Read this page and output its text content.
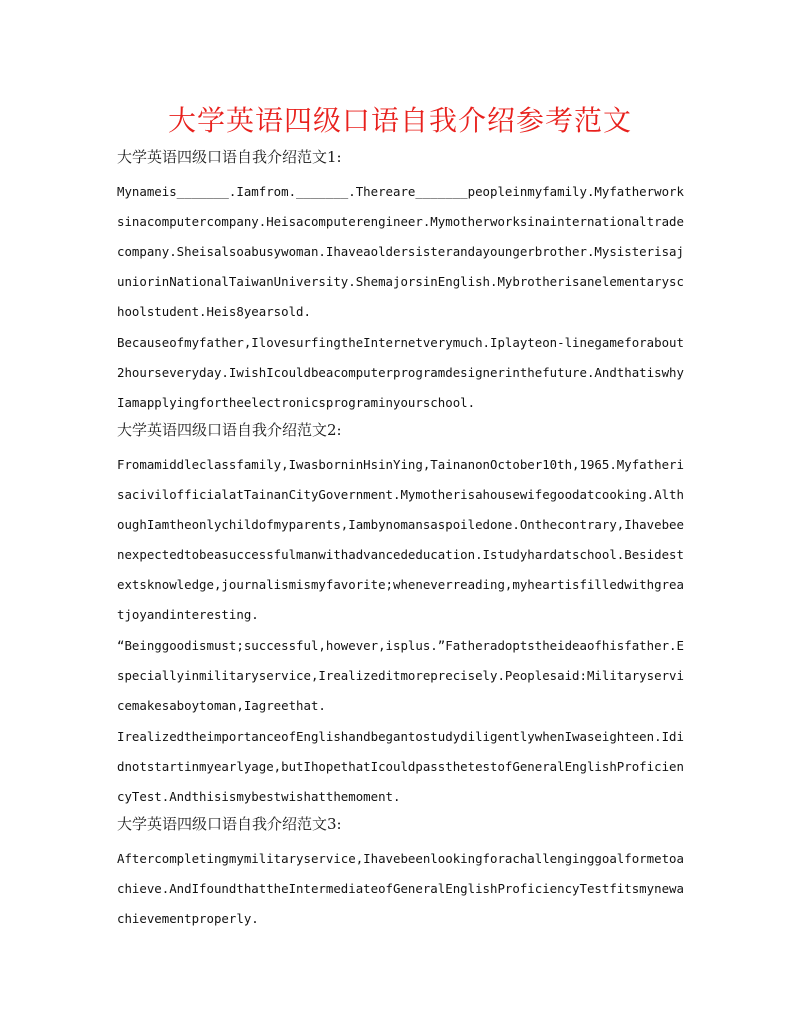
大学英语四级口语自我介绍参考范文
大学英语四级口语自我介绍范文1:

Mynameis_______.Iamfrom._______.Thereare_______peopleinmyfamily.Myfatherworksinacomputercompany.Heisacomputerengineer.Mymotherworksinainternationaltradecompany.Sheisalsoabusywoman.Ihaveaoldersisterandayoungerbrother.MysisterisajuniorinNationalTaiwanUniversity.ShemajorsinEnglish.Mybrotherisanelementaryschoolstudent.Heis8yearsold.

Becauseofmyfather,IlovesurfingtheInternetverymuch.Iplayteon-linegameforabout2hourseveryday.IwishIcouldbeacomputerprogramdesignerinthefuture.AndthatiswhyIamapplyingfortheelectronicsprograminyourschool.

大学英语四级口语自我介绍范文2:

Fromamiddleclassfamily,IwasborninHsinYing,TainanonOctober10th,1965.MyfatherisacivilofficialatTainanCityGovernment.Mymotherisahousewifegoodatcooking.AlthoughIamtheonlychildofmyparents,Iambynomansaspoiledone.Onthecontrary,Ihavebeenexpectedtobeasuccessfulmanwithadvancededucation.Istudyhardatschool.Besidestextsknowledge,journalismismyfavorite;wheneverreading,myheartisfilledwithgreatjoyandinteresting.

“Beinggoodismust;successful,however,isplus.”Fatheradoptstheideaofhisfather.Especiallyinmilitaryservice,Irealizeditmoreprecisely.Peoplesaid:Militaryservicemakesaboytoman,Iagreethat.

IrealizedtheimportanceofEnglishandbegantostudydiligentlywhenIwaseighteen.Ididnotstartinmyearlyage,butIhopethatIcouldpassthetestofGeneralEnglishProficiencyTest.Andthisismybestwishatthemoment.

大学英语四级口语自我介绍范文3:

Aftercompletingmymilitaryservice,Ihavebeenlookingforachallenginggoalformetoachieve.AndIfoundthattheIntermediateofGeneralEnglishProficiencyTestfitsmynewachievementproperly.
